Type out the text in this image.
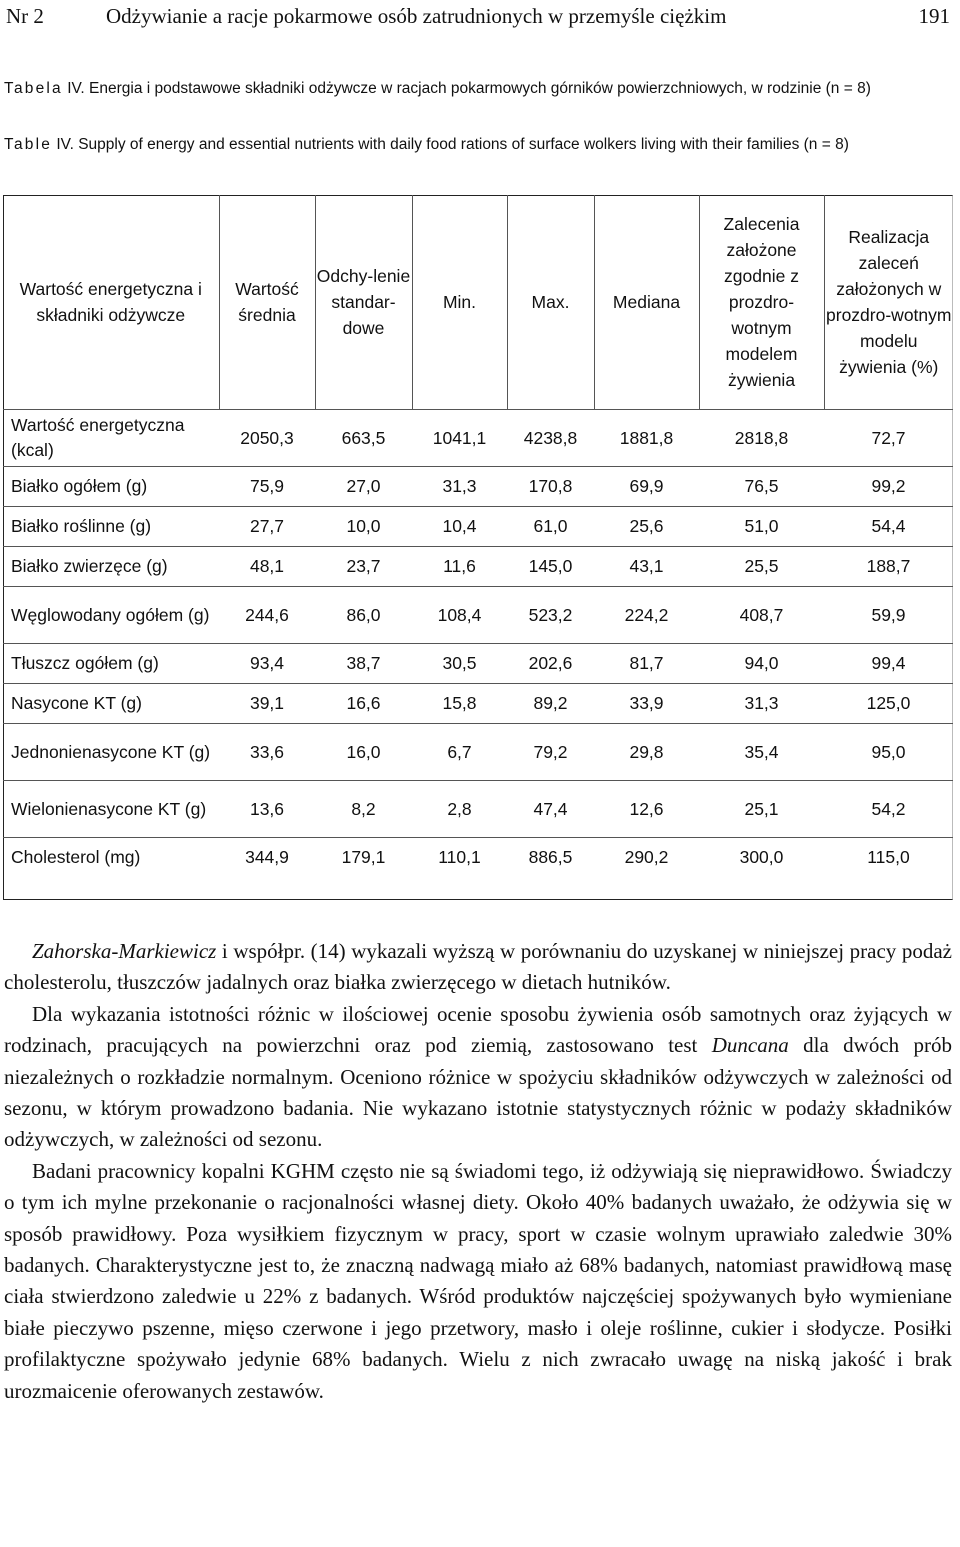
Nr 2	Odżywianie a racje pokarmowe osób zatrudnionych w przemyśle ciężkim	191
Tabela IV. Energia i podstawowe składniki odżywcze w racjach pokarmowych górników powierzchniowych, w rodzinie (n = 8)
Table IV. Supply of energy and essential nutrients with daily food rations of surface wolkers living with their families (n = 8)
Wartość energetyczna i składniki odżywcze	Wartość średnia	Odchy-lenie standar-dowe	Min.	Max.	Mediana	Zalecenia założone zgodnie z prozdro-wotnym modelem żywienia	Realizacja zaleceń założonych w prozdro-wotnym modelu żywienia (%)
Wartość energetyczna (kcal)	2050,3	663,5	1041,1	4238,8	1881,8	2818,8	72,7
Białko ogółem (g)	75,9	27,0	31,3	170,8	69,9	76,5	99,2
Białko roślinne (g)	27,7	10,0	10,4	61,0	25,6	51,0	54,4
Białko zwierzęce (g)	48,1	23,7	11,6	145,0	43,1	25,5	188,7
Węglowodany ogółem (g)	244,6	86,0	108,4	523,2	224,2	408,7	59,9
Tłuszcz ogółem (g)	93,4	38,7	30,5	202,6	81,7	94,0	99,4
Nasycone KT (g)	39,1	16,6	15,8	89,2	33,9	31,3	125,0
Jednonienasycone KT (g)	33,6	16,0	6,7	79,2	29,8	35,4	95,0
Wielonienasycone KT (g)	13,6	8,2	2,8	47,4	12,6	25,1	54,2
Cholesterol (mg)	344,9	179,1	110,1	886,5	290,2	300,0	115,0

Zahorska-Markiewicz i współpr. (14) wykazali wyższą w porównaniu do uzyskanej w niniejszej pracy podaż cholesterolu, tłuszczów jadalnych oraz białka zwierzęcego w dietach hutników.

Dla wykazania istotności różnic w ilościowej ocenie sposobu żywienia osób samotnych oraz żyjących w rodzinach, pracujących na powierzchni oraz pod ziemią, zastosowano test Duncana dla dwóch prób niezależnych o rozkładzie normalnym. Oceniono różnice w spożyciu składników odżywczych w zależności od sezonu, w którym prowadzono badania. Nie wykazano istotnie statystycznych różnic w podaży składników odżywczych, w zależności od sezonu.

Badani pracownicy kopalni KGHM często nie są świadomi tego, iż odżywiają się nieprawidłowo. Świadczy o tym ich mylne przekonanie o racjonalności własnej diety. Około 40% badanych uważało, że odżywia się w sposób prawidłowy. Poza wysiłkiem fizycznym w pracy, sport w czasie wolnym uprawiało zaledwie 30% badanych. Charakterystyczne jest to, że znaczną nadwagą miało aż 68% badanych, natomiast prawidłową masę ciała stwierdzono zaledwie u 22% z badanych. Wśród produktów najczęściej spożywanych było wymieniane białe pieczywo pszenne, mięso czerwone i jego przetwory, masło i oleje roślinne, cukier i słodycze. Posiłki profilaktyczne spożywało jedynie 68% badanych. Wielu z nich zwracało uwagę na niską jakość i brak urozmaicenie oferowanych zestawów.
